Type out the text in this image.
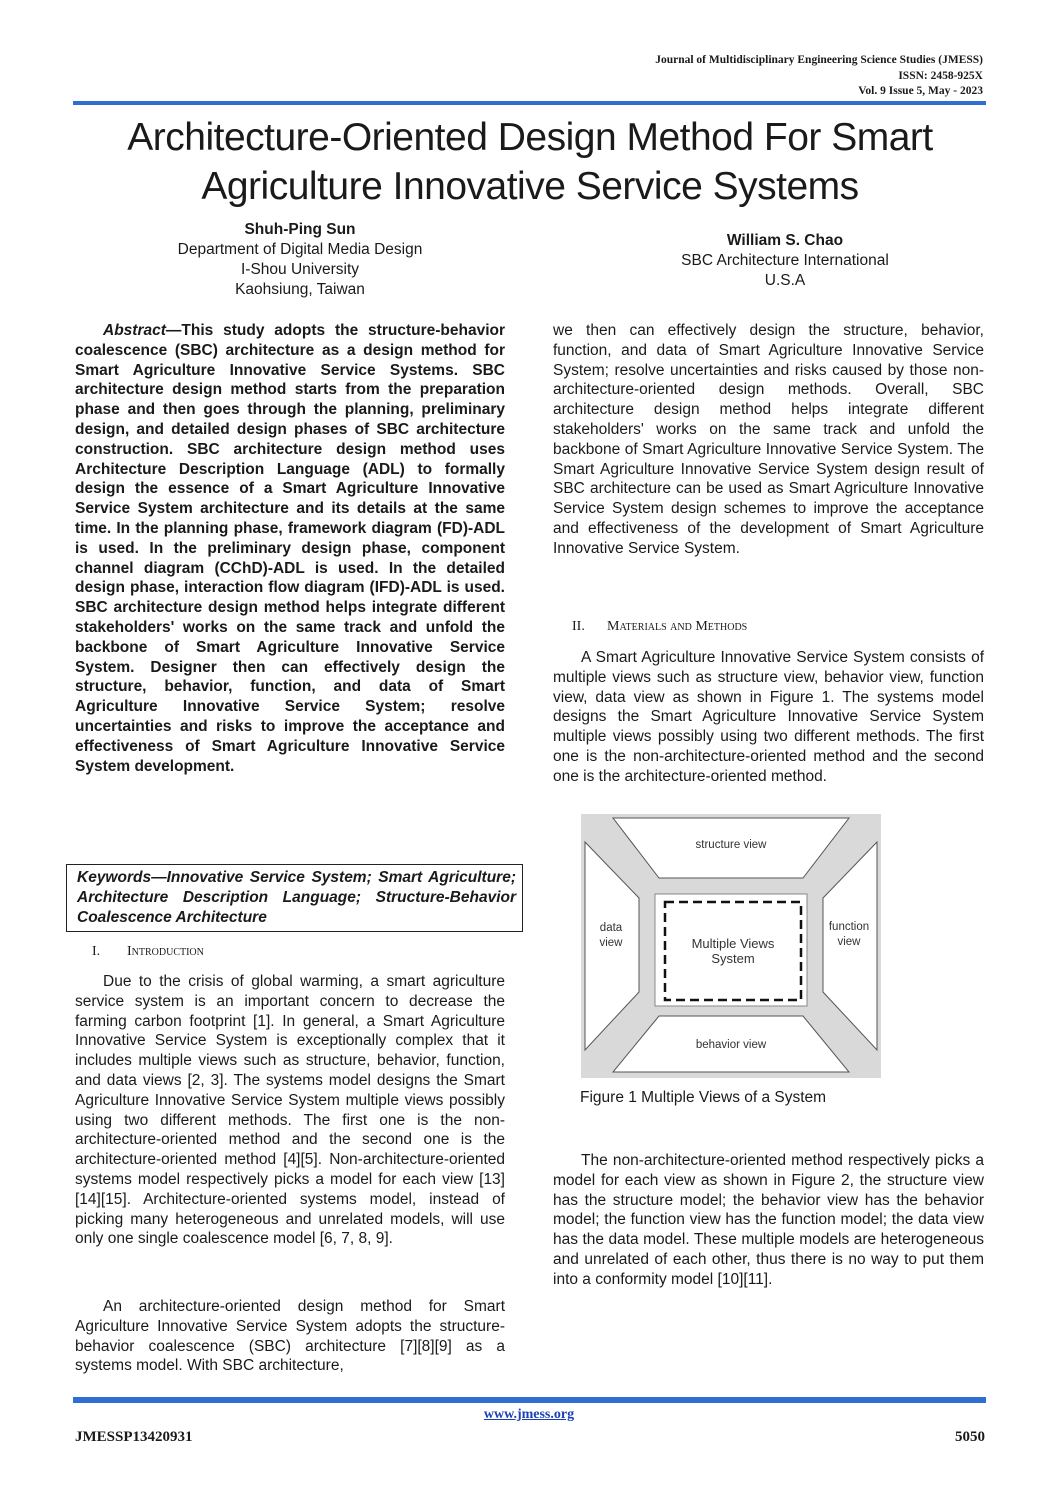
Journal of Multidisciplinary Engineering Science Studies (JMESS)
ISSN: 2458-925X
Vol. 9 Issue 5, May - 2023
Architecture-Oriented Design Method For Smart
Agriculture Innovative Service Systems
Shuh-Ping Sun
Department of Digital Media Design
I-Shou University
Kaohsiung, Taiwan
William S. Chao
SBC Architecture International
U.S.A

Abstract—This study adopts the structure-behavior coalescence (SBC) architecture as a design method for Smart Agriculture Innovative Service Systems. SBC architecture design method starts from the preparation phase and then goes through the planning, preliminary design, and detailed design phases of SBC architecture construction. SBC architecture design method uses Architecture Description Language (ADL) to formally design the essence of a Smart Agriculture Innovative Service System architecture and its details at the same time. In the planning phase, framework diagram (FD)-ADL is used. In the preliminary design phase, component channel diagram (CChD)-ADL is used. In the detailed design phase, interaction flow diagram (IFD)-ADL is used. SBC architecture design method helps integrate different stakeholders' works on the same track and unfold the backbone of Smart Agriculture Innovative Service System. Designer then can effectively design the structure, behavior, function, and data of Smart Agriculture Innovative Service System; resolve uncertainties and risks to improve the acceptance and effectiveness of Smart Agriculture Innovative Service System development.

Keywords—Innovative Service System; Smart Agriculture; Architecture Description Language; Structure-Behavior Coalescence Architecture
I. Introduction

Due to the crisis of global warming, a smart agriculture service system is an important concern to decrease the farming carbon footprint [1]. In general, a Smart Agriculture Innovative Service System is exceptionally complex that it includes multiple views such as structure, behavior, function, and data views [2, 3]. The systems model designs the Smart Agriculture Innovative Service System multiple views possibly using two different methods. The first one is the non-architecture-oriented method and the second one is the architecture-oriented method [4][5]. Non-architecture-oriented systems model respectively picks a model for each view [13][14][15]. Architecture-oriented systems model, instead of picking many heterogeneous and unrelated models, will use only one single coalescence model [6, 7, 8, 9].

An architecture-oriented design method for Smart Agriculture Innovative Service System adopts the structure-behavior coalescence (SBC) architecture [7][8][9] as a systems model. With SBC architecture,

we then can effectively design the structure, behavior, function, and data of Smart Agriculture Innovative Service System; resolve uncertainties and risks caused by those non-architecture-oriented design methods. Overall, SBC architecture design method helps integrate different stakeholders' works on the same track and unfold the backbone of Smart Agriculture Innovative Service System. The Smart Agriculture Innovative Service System design result of SBC architecture can be used as Smart Agriculture Innovative Service System design schemes to improve the acceptance and effectiveness of the development of Smart Agriculture Innovative Service System.

II. Materials and Methods

A Smart Agriculture Innovative Service System consists of multiple views such as structure view, behavior view, function view, data view as shown in Figure 1. The systems model designs the Smart Agriculture Innovative Service System multiple views possibly using two different methods. The first one is the non-architecture-oriented method and the second one is the architecture-oriented method.

structure view
behavior view
data
view
function
view
Multiple Views
System
Figure 1 Multiple Views of a System

The non-architecture-oriented method respectively picks a model for each view as shown in Figure 2, the structure view has the structure model; the behavior view has the behavior model; the function view has the function model; the data view has the data model. These multiple models are heterogeneous and unrelated of each other, thus there is no way to put them into a conformity model [10][11].

www.jmess.org
JMESSP13420931	5050
